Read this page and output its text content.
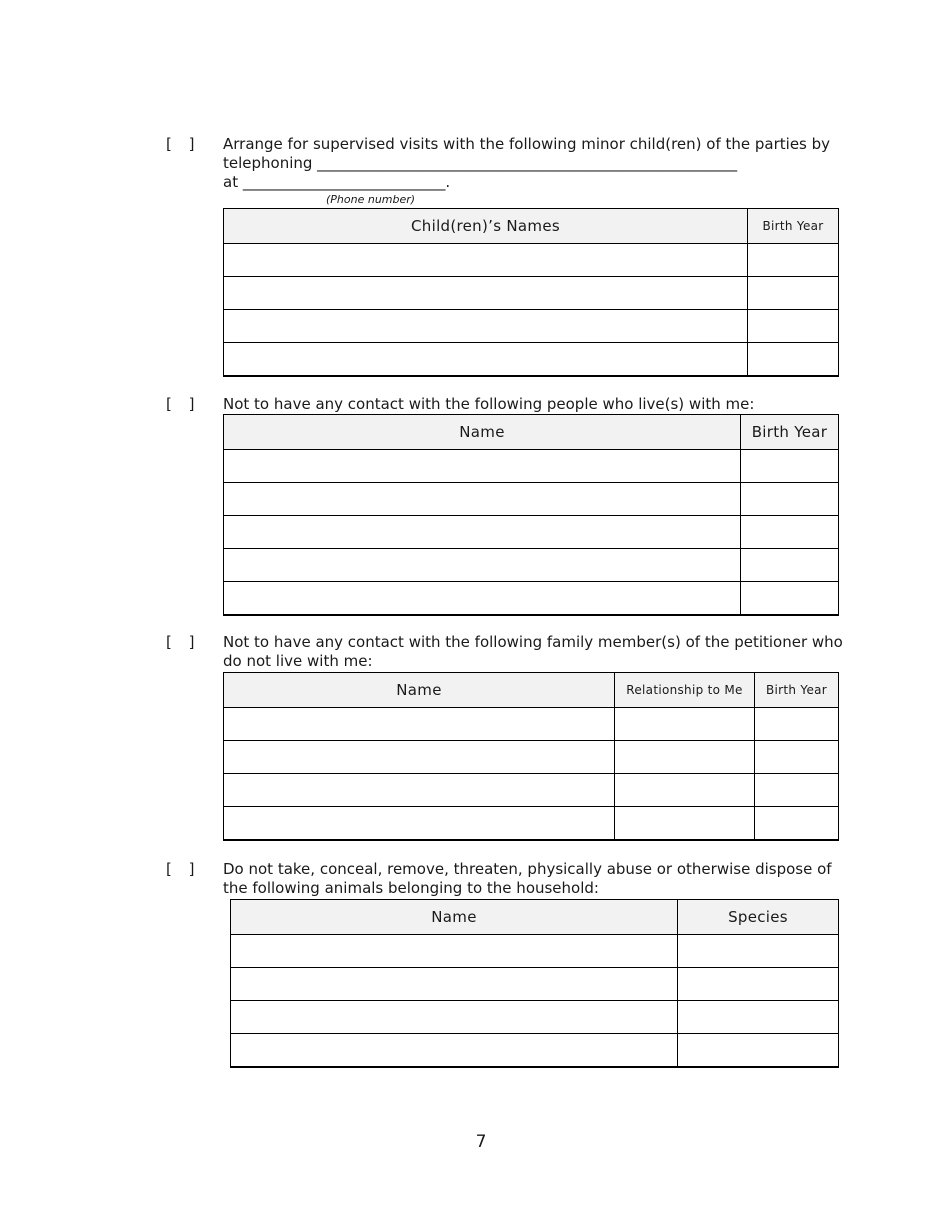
[ ] Arrange for supervised visits with the following minor child(ren) of the parties by
telephoning ________________________________________________________
at ___________________________.
(Phone number)
Child(ren)’s Names	Birth Year

[ ] Not to have any contact with the following people who live(s) with me:
Name	Birth Year

[ ] Not to have any contact with the following family member(s) of the petitioner who
do not live with me:
Name	Relationship to Me	Birth Year

[ ] Do not take, conceal, remove, threaten, physically abuse or otherwise dispose of
the following animals belonging to the household:
Name	Species

7
